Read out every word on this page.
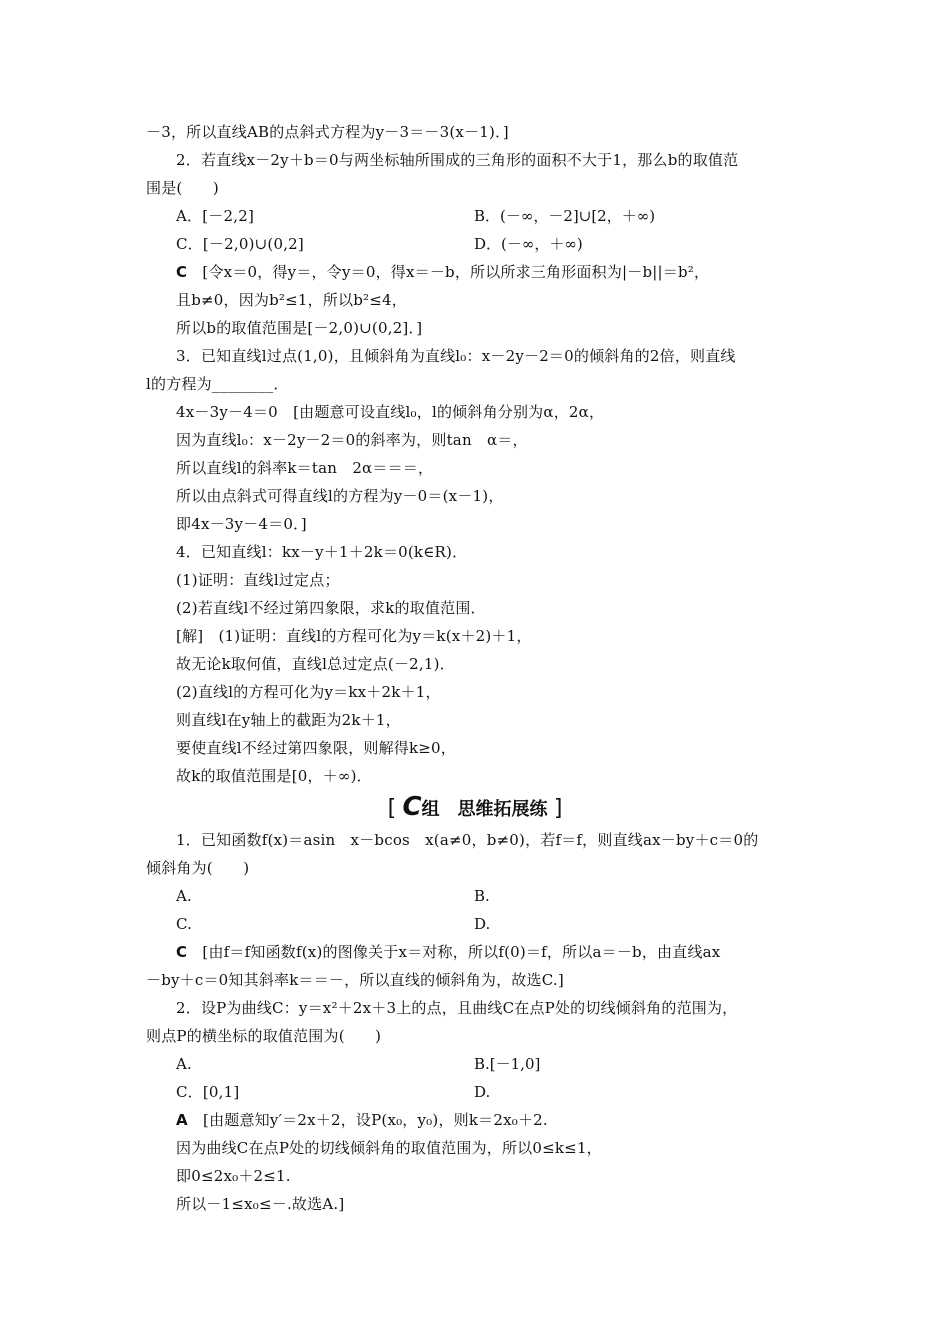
－3，所以直线AB的点斜式方程为y－3＝－3(x－1)．]
2．若直线x－2y＋b＝0与两坐标轴所围成的三角形的面积不大于1，那么b的取值范
围是(　　)
A．[－2,2]	B．(－∞，－2]∪[2，＋∞)
C．[－2,0)∪(0,2]	D．(－∞，＋∞)
C　 [令x＝0，得y＝，令y＝0，得x＝－b，所以所求三角形面积为|－b||＝b²，
且b≠0，因为b²≤1，所以b²≤4，
所以b的取值范围是[－2,0)∪(0,2]．]
3．已知直线l过点(1,0)，且倾斜角为直线l₀：x－2y－2＝0的倾斜角的2倍，则直线
l的方程为________．
4x－3y－4＝0　[由题意可设直线l₀，l的倾斜角分别为α，2α，
因为直线l₀：x－2y－2＝0的斜率为，则tan　α＝，
所以直线l的斜率k＝tan　2α＝＝＝，
所以由点斜式可得直线l的方程为y－0＝(x－1)，
即4x－3y－4＝0．]
4．已知直线l：kx－y＋1＋2k＝0(k∈R)．
(1)证明：直线l过定点；
(2)若直线l不经过第四象限，求k的取值范围．
[解]　(1)证明：直线l的方程可化为y＝k(x＋2)＋1，
故无论k取何值，直线l总过定点(－2,1)．
(2)直线l的方程可化为y＝kx＋2k＋1，
则直线l在y轴上的截距为2k＋1，
要使直线l不经过第四象限，则解得k≥0，
故k的取值范围是[0，＋∞)．
[ C组　思维拓展练 ]
1．已知函数f(x)＝asin　x－bcos　x(a≠0，b≠0)，若f＝f，则直线ax－by＋c＝0的
倾斜角为(　　)
A.	B.
C.	D.
C　 [由f＝f知函数f(x)的图像关于x＝对称，所以f(0)＝f，所以a＝－b，由直线ax
－by＋c＝0知其斜率k＝＝－，所以直线的倾斜角为，故选C.]
2．设P为曲线C：y＝x²＋2x＋3上的点，且曲线C在点P处的切线倾斜角的范围为，
则点P的横坐标的取值范围为(　　)
A.	B.[－1,0]
C．[0,1]	D.
A　 [由题意知y′＝2x＋2，设P(x₀，y₀)，则k＝2x₀＋2.
因为曲线C在点P处的切线倾斜角的取值范围为，所以0≤k≤1，
即0≤2x₀＋2≤1.
所以－1≤x₀≤－.故选A.]
